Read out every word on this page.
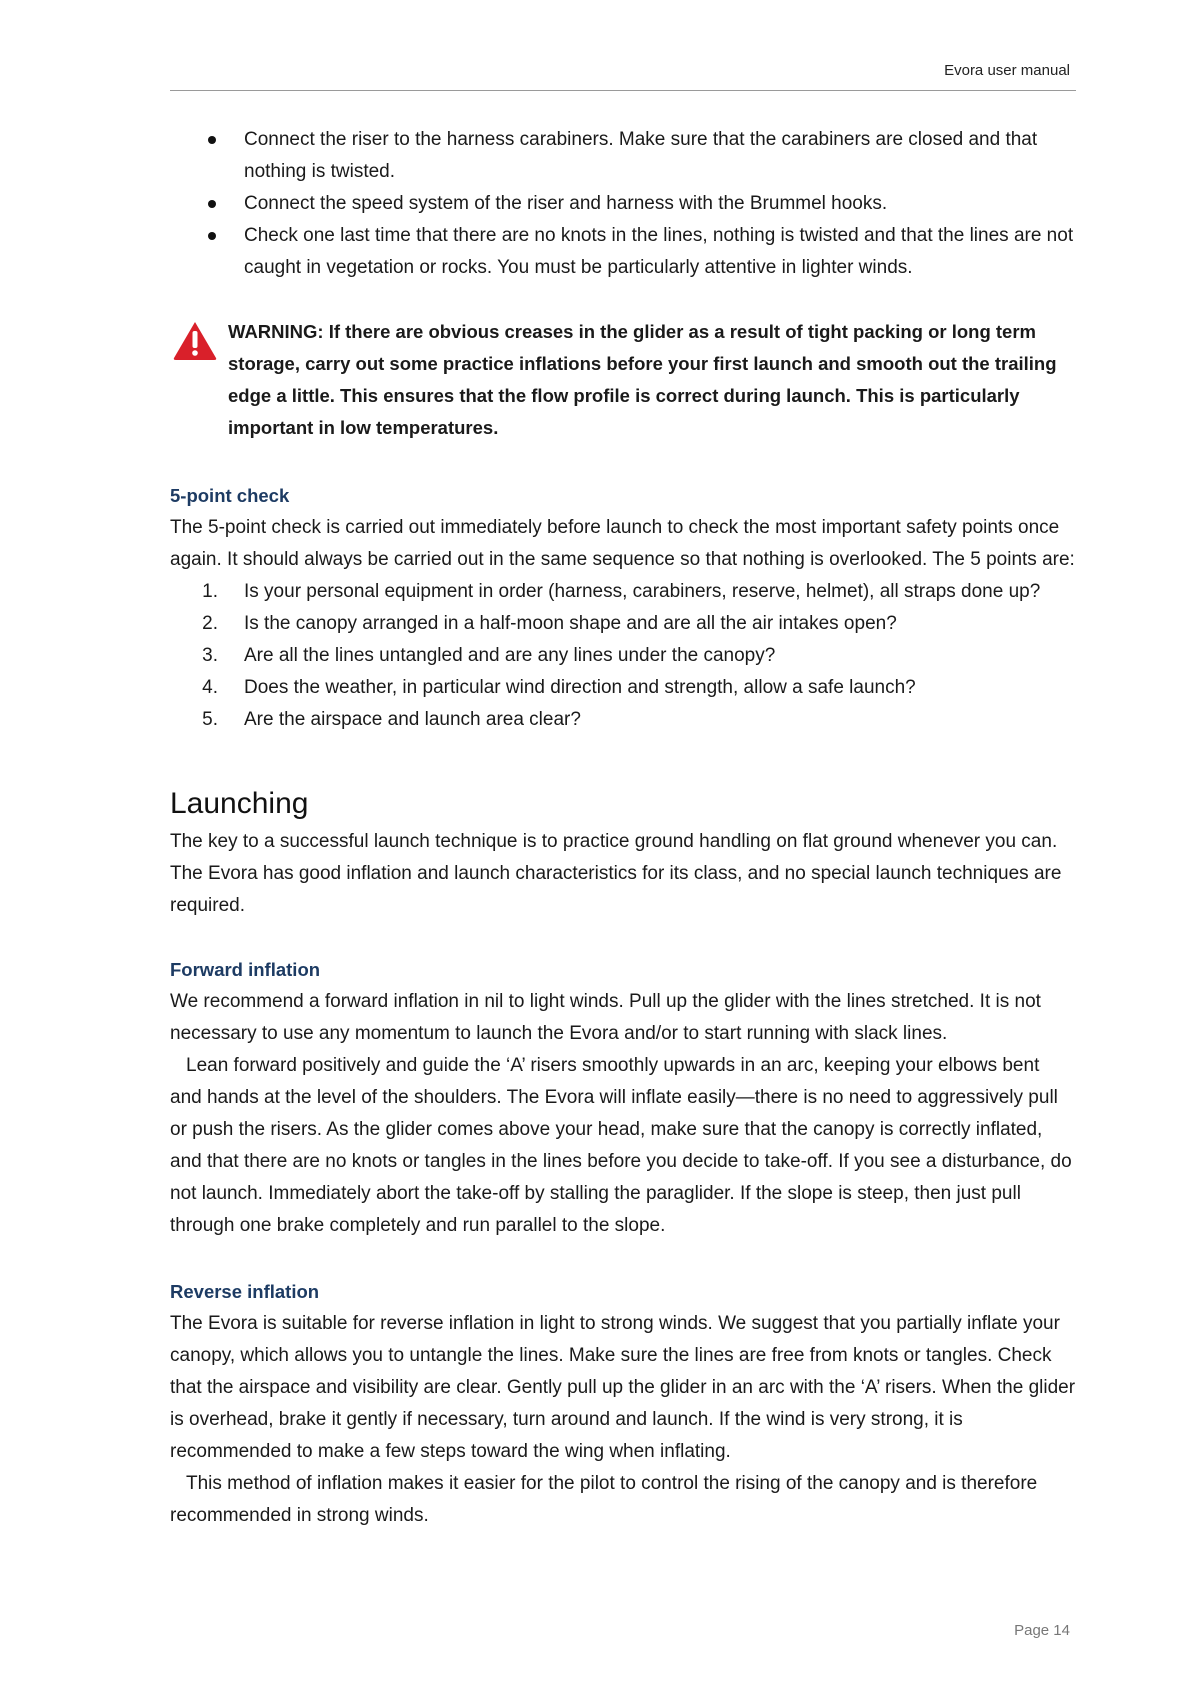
Evora user manual
Connect the riser to the harness carabiners. Make sure that the carabiners are closed and that nothing is twisted.
Connect the speed system of the riser and harness with the Brummel hooks.
Check one last time that there are no knots in the lines, nothing is twisted and that the lines are not caught in vegetation or rocks. You must be particularly attentive in lighter winds.
WARNING: If there are obvious creases in the glider as a result of tight packing or long term storage, carry out some practice inflations before your first launch and smooth out the trailing edge a little. This ensures that the flow profile is correct during launch. This is particularly important in low temperatures.
5-point check

The 5-point check is carried out immediately before launch to check the most important safety points once again. It should always be carried out in the same sequence so that nothing is overlooked. The 5 points are:

1. Is your personal equipment in order (harness, carabiners, reserve, helmet), all straps done up?
2. Is the canopy arranged in a half-moon shape and are all the air intakes open?
3. Are all the lines untangled and are any lines under the canopy?
4. Does the weather, in particular wind direction and strength, allow a safe launch?
5. Are the airspace and launch area clear?
Launching

The key to a successful launch technique is to practice ground handling on flat ground whenever you can. The Evora has good inflation and launch characteristics for its class, and no special launch techniques are required.

Forward inflation

We recommend a forward inflation in nil to light winds. Pull up the glider with the lines stretched. It is not necessary to use any momentum to launch the Evora and/or to start running with slack lines.

Lean forward positively and guide the ‘A’ risers smoothly upwards in an arc, keeping your elbows bent and hands at the level of the shoulders. The Evora will inflate easily—there is no need to aggressively pull or push the risers. As the glider comes above your head, make sure that the canopy is correctly inflated, and that there are no knots or tangles in the lines before you decide to take-off. If you see a disturbance, do not launch. Immediately abort the take-off by stalling the paraglider. If the slope is steep, then just pull through one brake completely and run parallel to the slope.

Reverse inflation

The Evora is suitable for reverse inflation in light to strong winds. We suggest that you partially inflate your canopy, which allows you to untangle the lines. Make sure the lines are free from knots or tangles. Check that the airspace and visibility are clear. Gently pull up the glider in an arc with the ‘A’ risers. When the glider is overhead, brake it gently if necessary, turn around and launch. If the wind is very strong, it is recommended to make a few steps toward the wing when inflating.

This method of inflation makes it easier for the pilot to control the rising of the canopy and is therefore recommended in strong winds.

Page 14
